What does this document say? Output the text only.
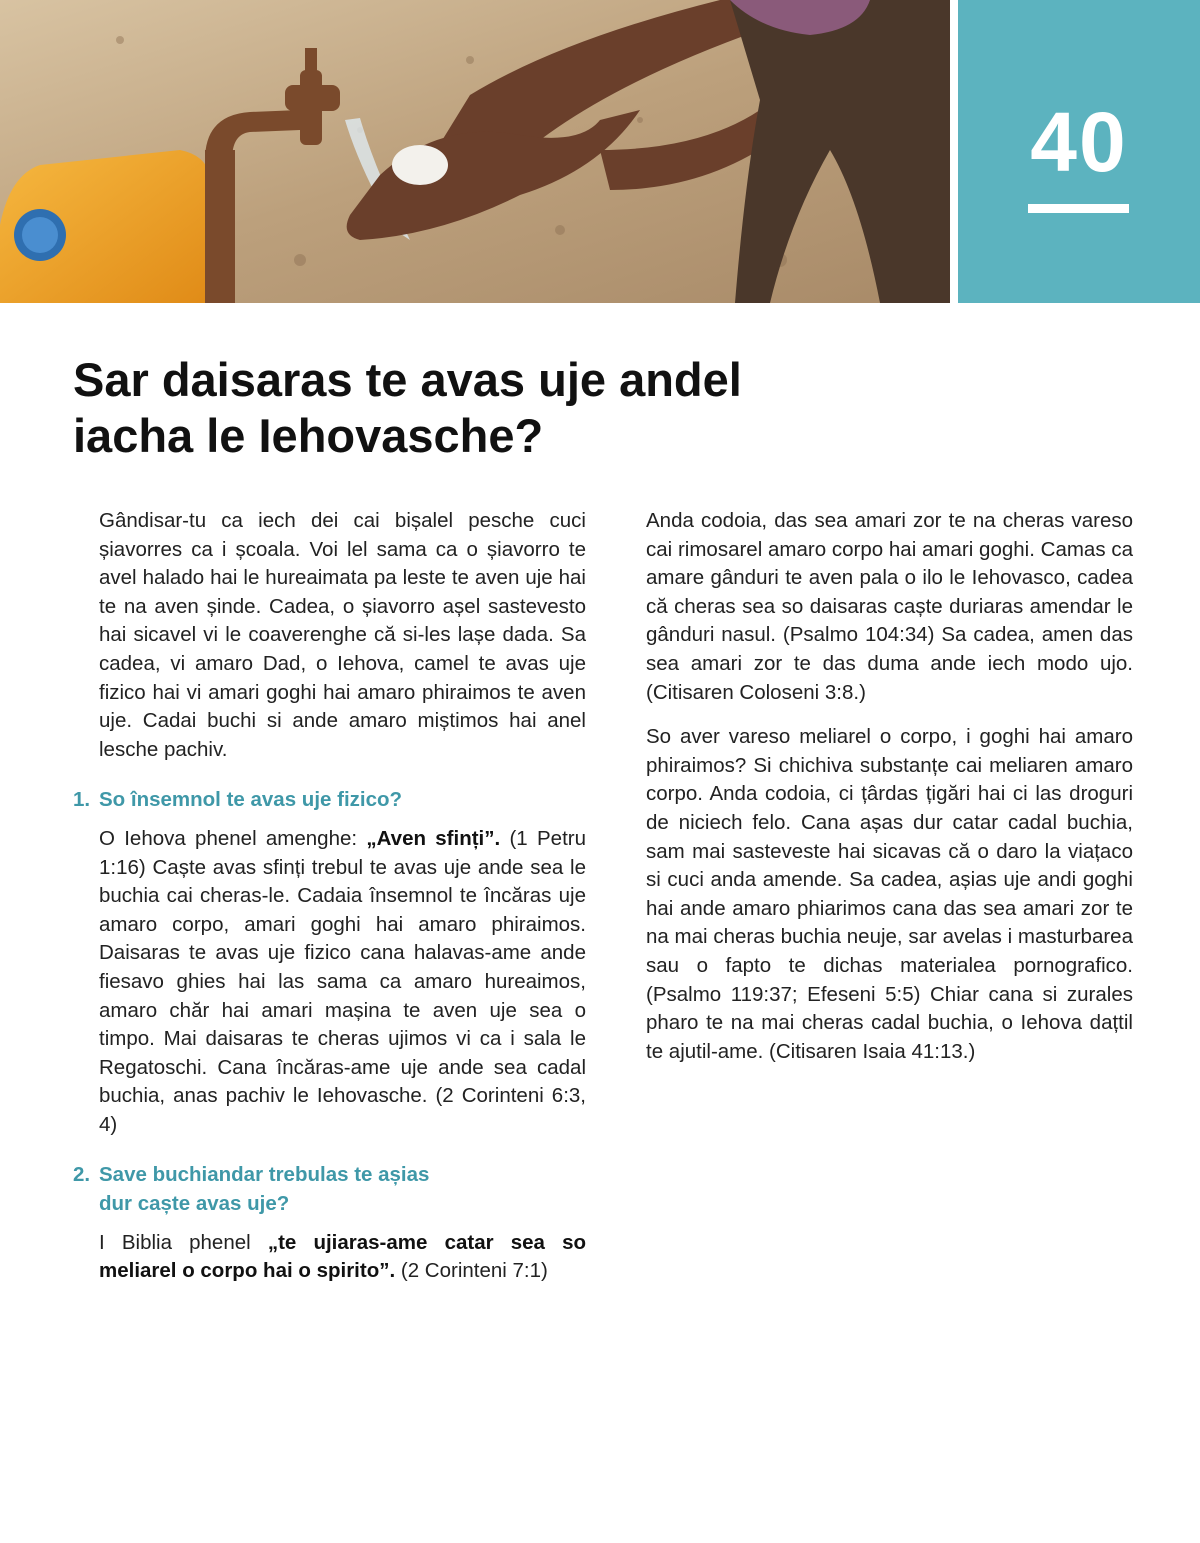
40
Sar daisaras te avas uje andel iacha le Iehovasche?

Gândisar-tu ca iech dei cai bișalel pesche cuci șiavorres ca i școala. Voi lel sama ca o șiavorro te avel halado hai le hureaimata pa leste te aven uje hai te na aven șinde. Cadea, o șiavorro așel sastevesto hai sicavel vi le coaverenghe că si-les lașe dada. Sa cadea, vi amaro Dad, o Iehova, camel te avas uje fizico hai vi amari goghi hai amaro phiraimos te aven uje. Cadai buchi si ande amaro miștimos hai anel lesche pachiv.

1. So însemnol te avas uje fizico?

O Iehova phenel amenghe: „Aven sfinți”. (1 Petru 1:16) Caște avas sfinți trebul te avas uje ande sea le buchia cai cheras-le. Cadaia însemnol te încăras uje amaro corpo, amari goghi hai amaro phiraimos. Daisaras te avas uje fizico cana halavas-ame ande fiesavo ghies hai las sama ca amaro hureaimos, amaro chăr hai amari mașina te aven uje sea o timpo. Mai daisaras te cheras ujimos vi ca i sala le Regatoschi. Cana încăras-ame uje ande sea cadal buchia, anas pachiv le Iehovasche. (2 Corinteni 6:3, 4)

2. Save buchiandar trebulas te așias dur caște avas uje?

I Biblia phenel „te ujiaras-ame catar sea so meliarel o corpo hai o spirito”. (2 Corinteni 7:1)

Anda codoia, das sea amari zor te na cheras vareso cai rimosarel amaro corpo hai amari goghi. Camas ca amare gânduri te aven pala o ilo le Iehovasco, cadea că cheras sea so daisaras caște duriaras amendar le gânduri nasul. (Psalmo 104:34) Sa cadea, amen das sea amari zor te das duma ande iech modo ujo. (Citisaren Coloseni 3:8.)

So aver vareso meliarel o corpo, i goghi hai amaro phiraimos? Si chichiva substanțe cai meliaren amaro corpo. Anda codoia, ci țârdas țigări hai ci las droguri de niciech felo. Cana așas dur catar cadal buchia, sam mai sasteveste hai sicavas că o daro la viațaco si cuci anda amende. Sa cadea, așias uje andi goghi hai ande amaro phiarimos cana das sea amari zor te na mai cheras buchia neuje, sar avelas i masturbarea sau o fapto te dichas materialea pornografico. (Psalmo 119:37; Efeseni 5:5) Chiar cana si zurales pharo te na mai cheras cadal buchia, o Iehova dațtil te ajutil-ame. (Citisaren Isaia 41:13.)
